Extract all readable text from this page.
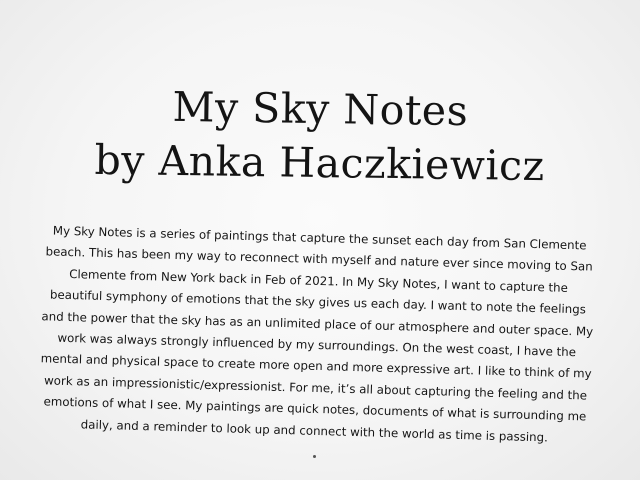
My Sky Notes
by Anka Haczkiewicz
My Sky Notes is a series of paintings that capture the sunset each day from San Clemente
beach. This has been my way to reconnect with myself and nature ever since moving to San
Clemente from New York back in Feb of 2021. In My Sky Notes, I want to capture the
beautiful symphony of emotions that the sky gives us each day. I want to note the feelings
and the power that the sky has as an unlimited place of our atmosphere and outer space. My
work was always strongly influenced by my surroundings. On the west coast, I have the
mental and physical space to create more open and more expressive art. I like to think of my
work as an impressionistic/expressionist. For me, it’s all about capturing the feeling and the
emotions of what I see. My paintings are quick notes, documents of what is surrounding me
daily, and a reminder to look up and connect with the world as time is passing.
